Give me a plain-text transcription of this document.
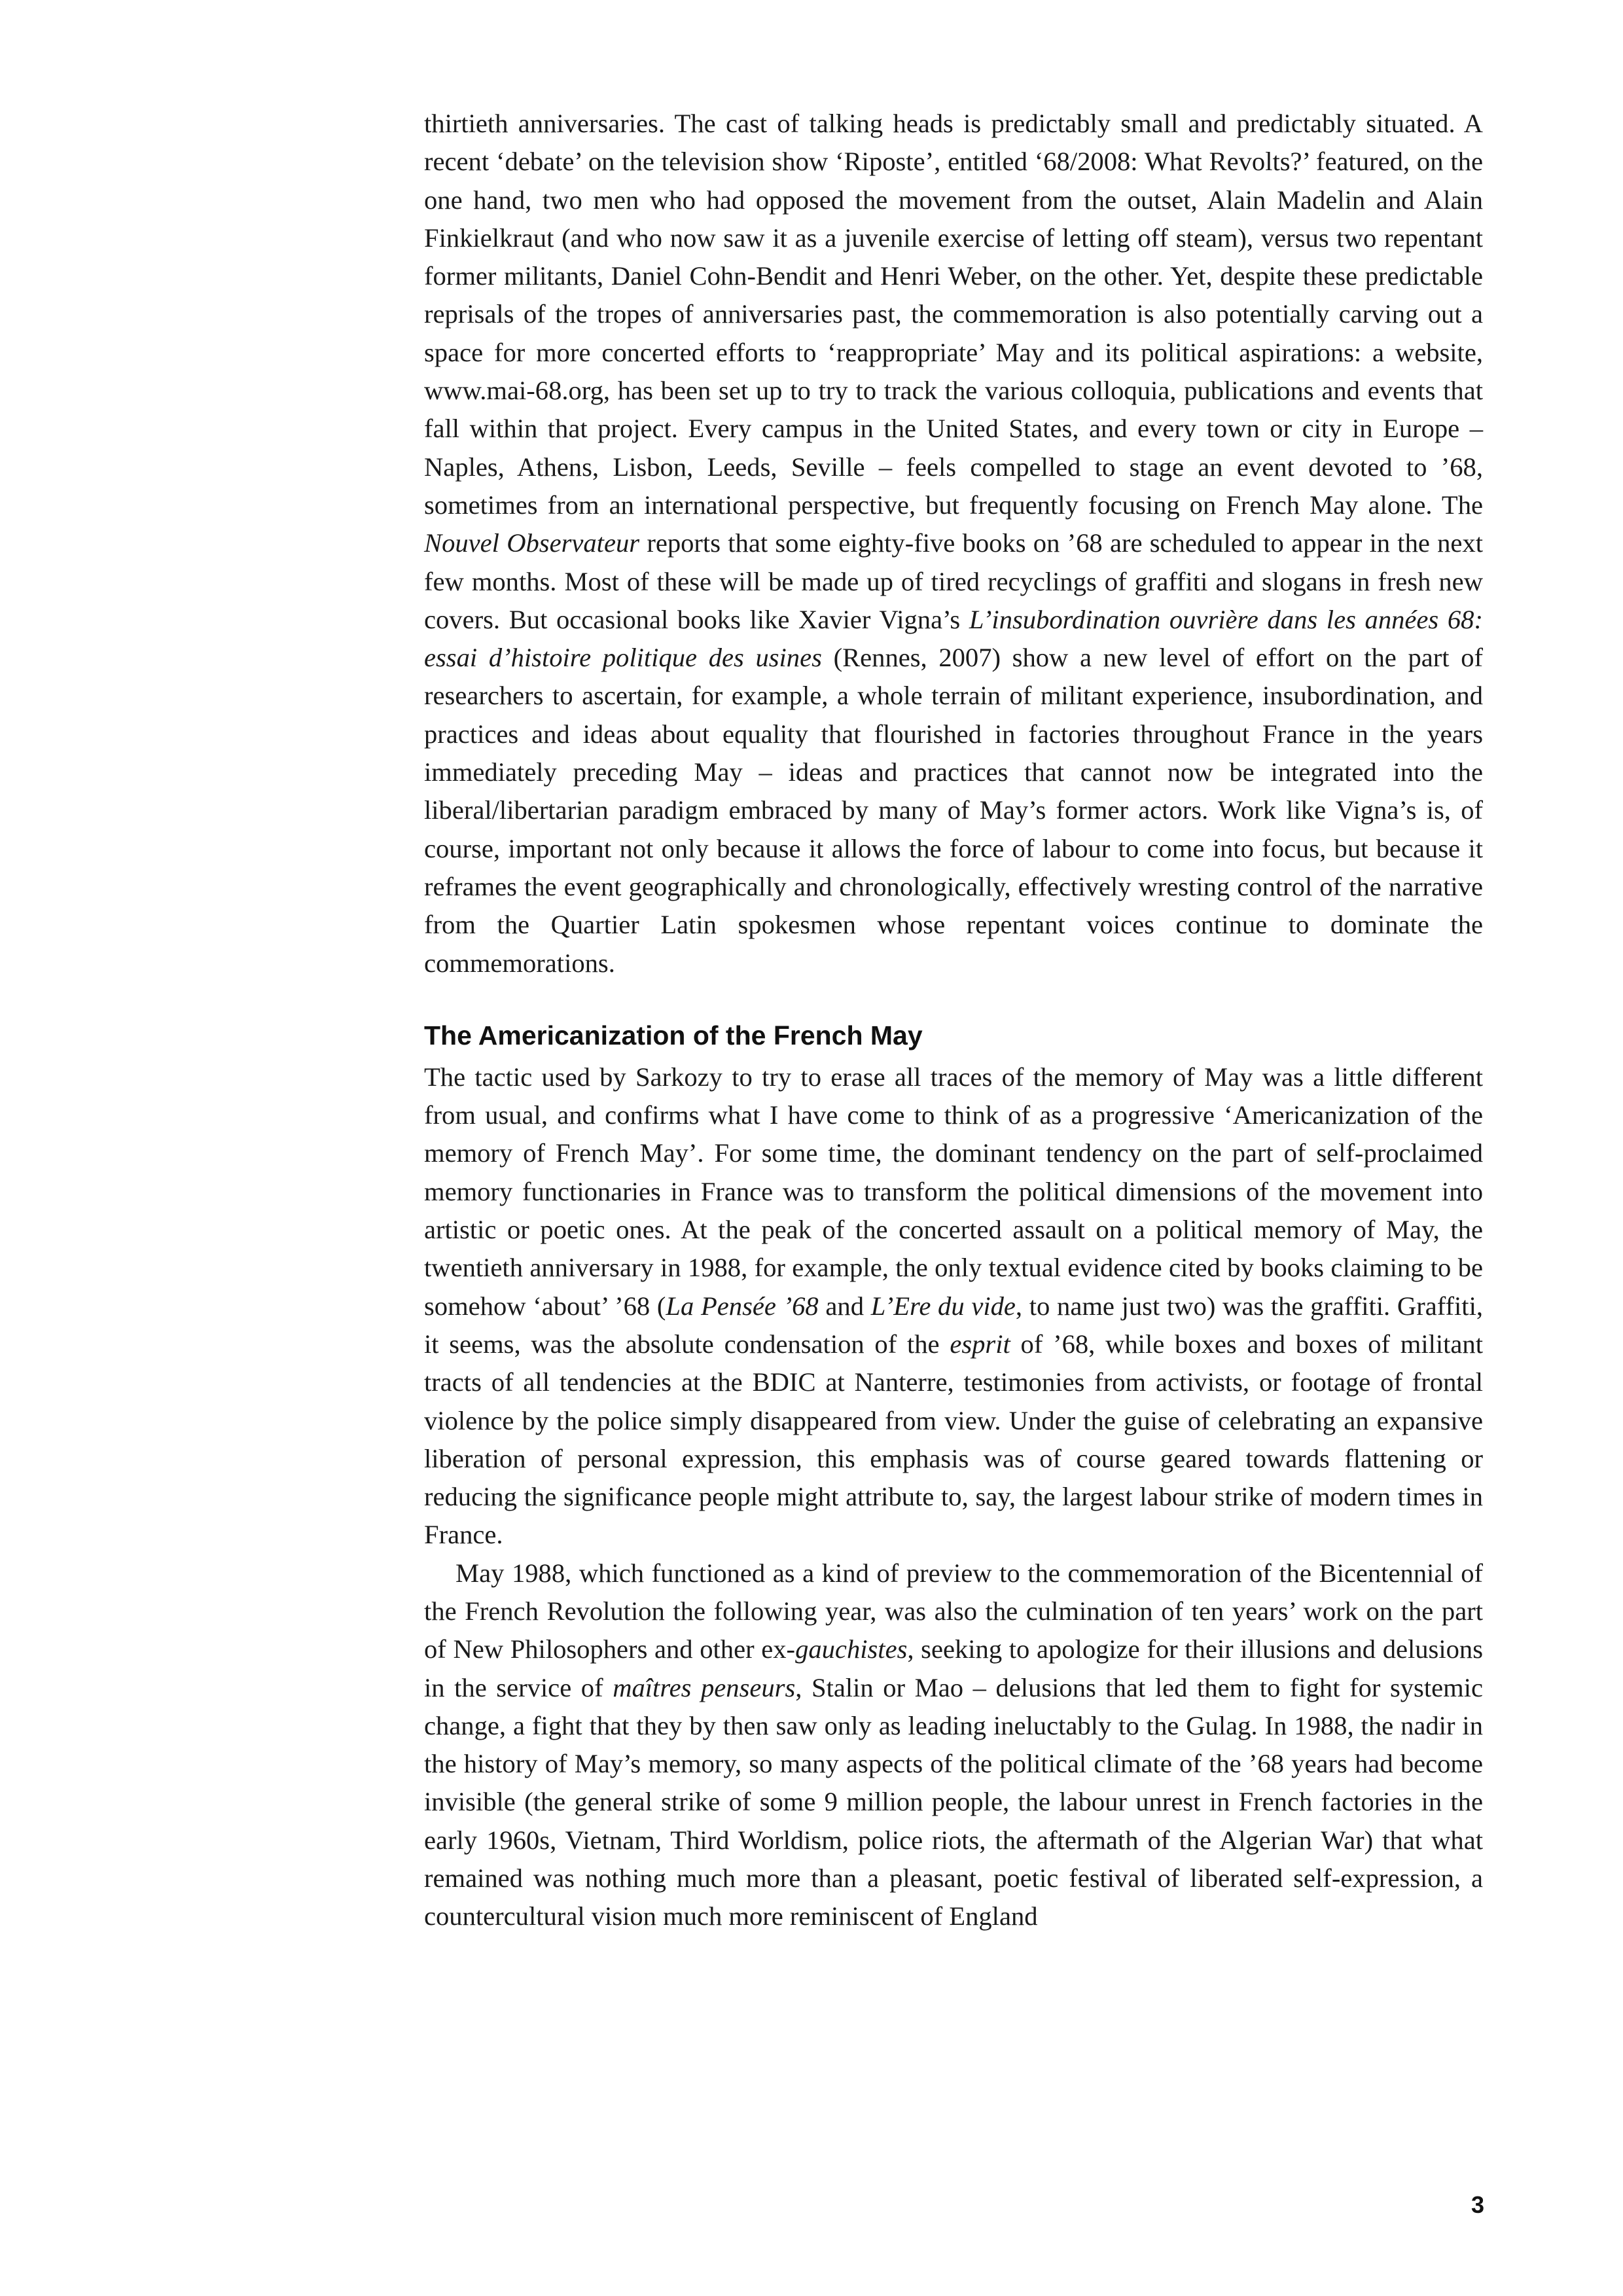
thirtieth anniversaries. The cast of talking heads is predictably small and predictably situated. A recent ‘debate’ on the television show ‘Riposte’, entitled ‘68/2008: What Revolts?’ featured, on the one hand, two men who had opposed the movement from the outset, Alain Madelin and Alain Finkielkraut (and who now saw it as a juvenile exercise of letting off steam), versus two repentant former militants, Daniel Cohn-Bendit and Henri Weber, on the other. Yet, despite these predictable reprisals of the tropes of anniversaries past, the commemoration is also potentially carving out a space for more concerted efforts to ‘reappropriate’ May and its political aspirations: a website, www.​mai-68.org, has been set up to try to track the various colloquia, publications and events that fall within that project. Every campus in the United States, and every town or city in Europe – Naples, Athens, Lisbon, Leeds, Seville – feels compelled to stage an event devoted to ’68, sometimes from an international perspective, but frequently focusing on French May alone. The Nouvel Observateur reports that some eighty-five books on ’68 are scheduled to appear in the next few months. Most of these will be made up of tired recyclings of graffiti and slogans in fresh new covers. But occasional books like Xavier Vigna’s L’insubordination ouvrière dans les années 68: essai d’histoire politique des usines (Rennes, 2007) show a new level of effort on the part of researchers to ascertain, for example, a whole terrain of militant experience, insubordination, and practices and ideas about equality that flourished in factories throughout France in the years immediately preceding May – ideas and practices that cannot now be integrated into the liberal/libertarian paradigm embraced by many of May’s former actors. Work like Vigna’s is, of course, important not only because it allows the force of labour to come into focus, but because it reframes the event geographically and chronologically, effectively wresting control of the narrative from the Quartier Latin spokesmen whose repentant voices continue to dominate the commemorations.

The Americanization of the French May

The tactic used by Sarkozy to try to erase all traces of the memory of May was a little different from usual, and confirms what I have come to think of as a progressive ‘Americanization of the memory of French May’. For some time, the dominant tendency on the part of self-proclaimed memory functionaries in France was to transform the political dimensions of the movement into artistic or poetic ones. At the peak of the concerted assault on a political memory of May, the twentieth anniversary in 1988, for example, the only textual evidence cited by books claiming to be somehow ‘about’ ’68 (La Pensée ’68 and L’Ere du vide, to name just two) was the graffiti. Graffiti, it seems, was the absolute condensation of the esprit of ’68, while boxes and boxes of militant tracts of all tendencies at the BDIC at Nanterre, testimonies from activists, or footage of frontal violence by the police simply disappeared from view. Under the guise of celebrating an expansive liberation of personal expression, this emphasis was of course geared towards flattening or reducing the significance people might attribute to, say, the largest labour strike of modern times in France.

May 1988, which functioned as a kind of preview to the commemoration of the Bicentennial of the French Revolution the following year, was also the culmination of ten years’ work on the part of New Philosophers and other ex-gauchistes, seeking to apologize for their illusions and delusions in the service of maîtres penseurs, Stalin or Mao – delusions that led them to fight for systemic change, a fight that they by then saw only as leading ineluctably to the Gulag. In 1988, the nadir in the history of May’s memory, so many aspects of the political climate of the ’68 years had become invisible (the general strike of some 9 million people, the labour unrest in French factories in the early 1960s, Vietnam, Third Worldism, police riots, the aftermath of the Algerian War) that what remained was nothing much more than a pleasant, poetic festival of liberated self-expression, a countercultural vision much more reminiscent of England

3
